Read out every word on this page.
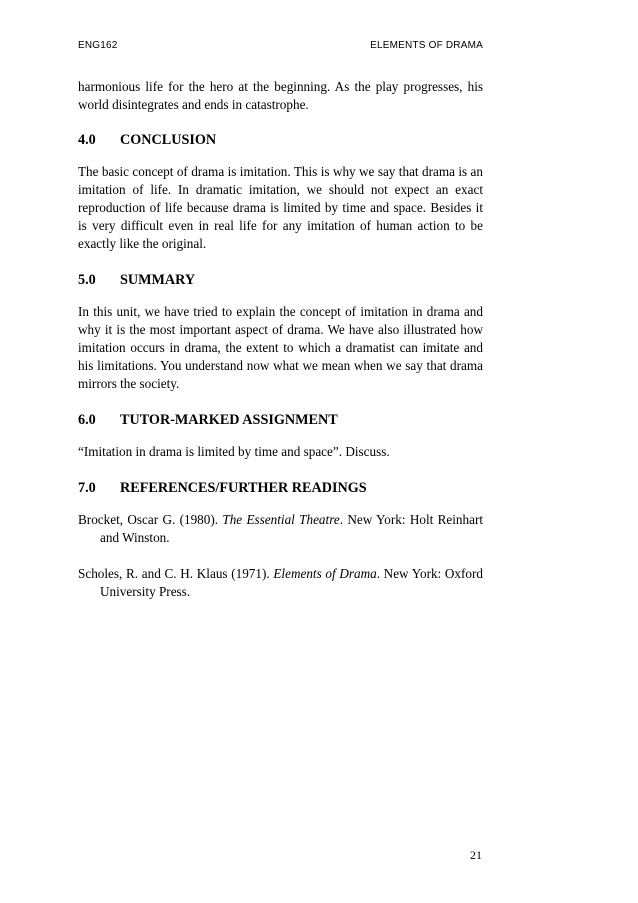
ENG162	ELEMENTS OF DRAMA

harmonious life for the hero at the beginning. As the play progresses, his world disintegrates and ends in catastrophe.

4.0	CONCLUSION

The basic concept of drama is imitation. This is why we say that drama is an imitation of life. In dramatic imitation, we should not expect an exact reproduction of life because drama is limited by time and space. Besides it is very difficult even in real life for any imitation of human action to be exactly like the original.

5.0	SUMMARY

In this unit, we have tried to explain the concept of imitation in drama and why it is the most important aspect of drama. We have also illustrated how imitation occurs in drama, the extent to which a dramatist can imitate and his limitations. You understand now what we mean when we say that drama mirrors the society.

6.0	TUTOR-MARKED ASSIGNMENT

“Imitation in drama is limited by time and space”. Discuss.

7.0	REFERENCES/FURTHER READINGS

Brocket, Oscar G. (1980). The Essential Theatre. New York: Holt Reinhart and Winston.

Scholes, R. and C. H. Klaus (1971). Elements of Drama. New York: Oxford University Press.

21
